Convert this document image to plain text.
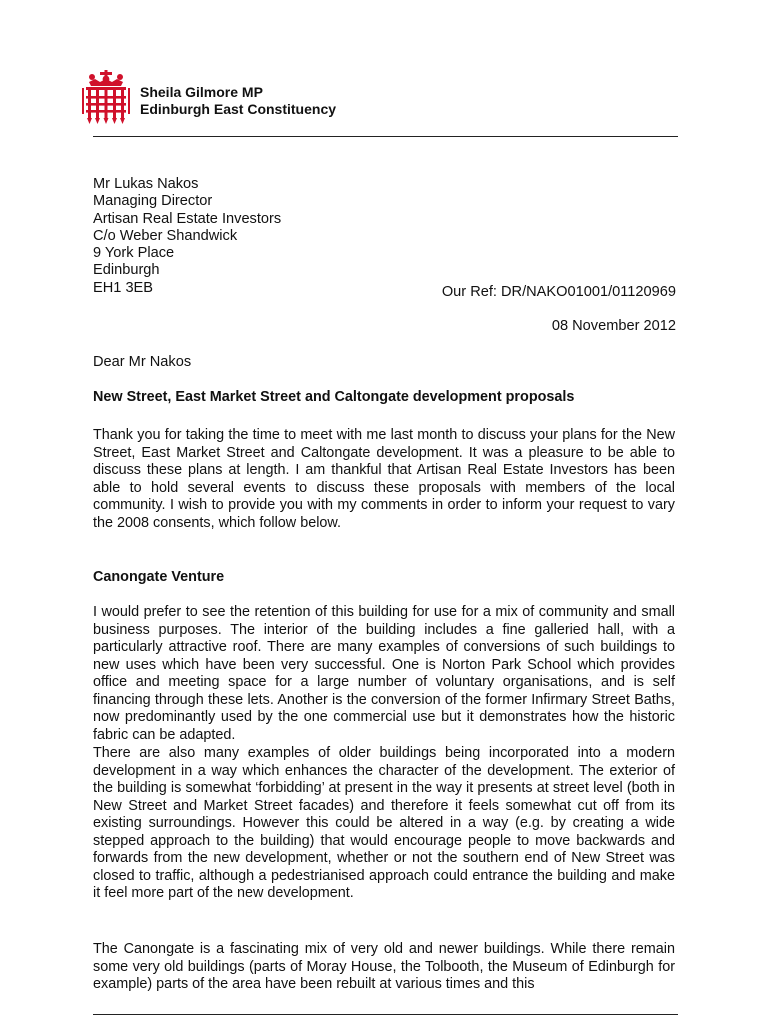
Sheila Gilmore MP
Edinburgh East Constituency
Mr Lukas Nakos
Managing Director
Artisan Real Estate Investors
C/o Weber Shandwick
9 York Place
Edinburgh
EH1 3EB	Our Ref: DR/NAKO01001/01120969
08 November 2012
Dear Mr Nakos
New Street, East Market Street and Caltongate development proposals
Thank you for taking the time to meet with me last month to discuss your plans for the New Street, East Market Street and Caltongate development. It was a pleasure to be able to discuss these plans at length. I am thankful that Artisan Real Estate Investors has been able to hold several events to discuss these proposals with members of the local community. I wish to provide you with my comments in order to inform your request to vary the 2008 consents, which follow below.
Canongate Venture
I would prefer to see the retention of this building for use for a mix of community and small business purposes. The interior of the building includes a fine galleried hall, with a particularly attractive roof. There are many examples of conversions of such buildings to new uses which have been very successful. One is Norton Park School which provides office and meeting space for a large number of voluntary organisations, and is self financing through these lets. Another is the conversion of the former Infirmary Street Baths, now predominantly used by the one commercial use but it demonstrates how the historic fabric can be adapted.
There are also many examples of older buildings being incorporated into a modern development in a way which enhances the character of the development. The exterior of the building is somewhat ‘forbidding’ at present in the way it presents at street level (both in New Street and Market Street facades) and therefore it feels somewhat cut off from its existing surroundings. However this could be altered in a way (e.g. by creating a wide stepped approach to the building) that would encourage people to move backwards and forwards from the new development, whether or not the southern end of New Street was closed to traffic, although a pedestrianised approach could entrance the building and make it feel more part of the new development.
The Canongate is a fascinating mix of very old and newer buildings. While there remain some very old buildings (parts of Moray House, the Tolbooth, the Museum of Edinburgh for example) parts of the area have been rebuilt at various times and this
